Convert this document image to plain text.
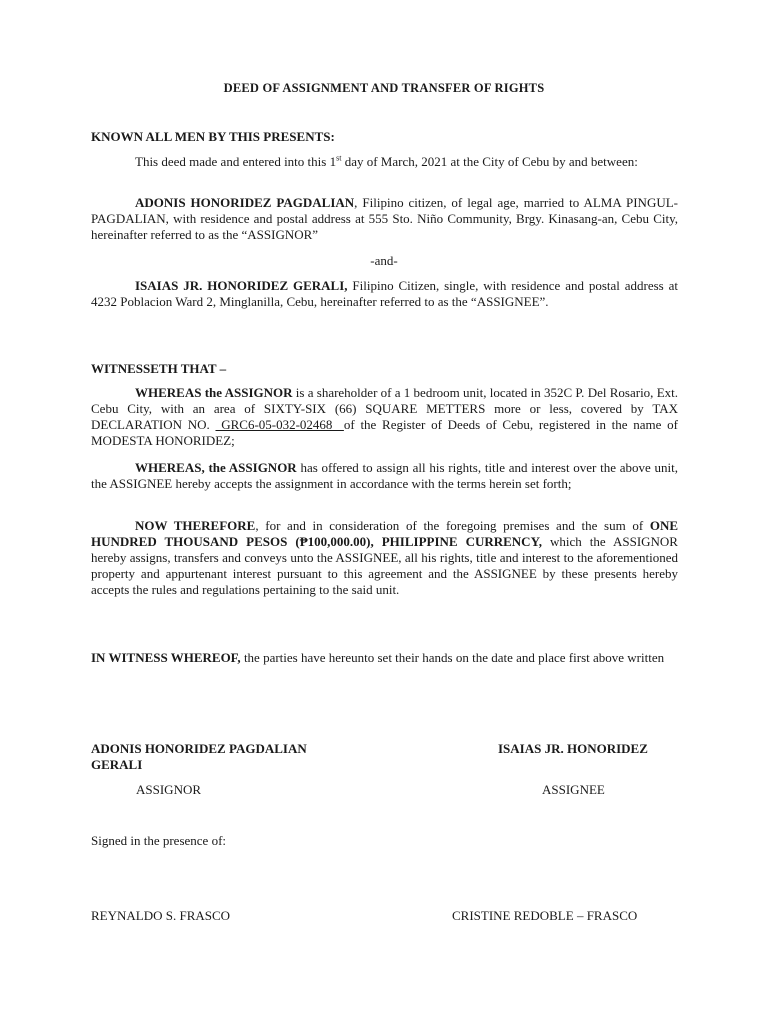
DEED OF ASSIGNMENT AND TRANSFER OF RIGHTS
KNOWN ALL MEN BY THIS PRESENTS:

This deed made and entered into this 1st day of March, 2021 at the City of Cebu by and between:

ADONIS HONORIDEZ PAGDALIAN, Filipino citizen, of legal age, married to ALMA PINGUL-PAGDALIAN, with residence and postal address at 555 Sto. Niño Community, Brgy. Kinasang-an, Cebu City, hereinafter referred to as the “ASSIGNOR”

-and-

ISAIAS JR. HONORIDEZ GERALI, Filipino Citizen, single, with residence and postal address at 4232 Poblacion Ward 2, Minglanilla, Cebu, hereinafter referred to as the “ASSIGNEE”.

WITNESSETH THAT –

WHEREAS the ASSIGNOR is a shareholder of a 1 bedroom unit, located in 352C P. Del Rosario, Ext. Cebu City, with an area of SIXTY-SIX (66) SQUARE METTERS more or less, covered by TAX DECLARATION NO.  GRC6-05-032-02468  of the Register of Deeds of Cebu, registered in the name of MODESTA HONORIDEZ;

WHEREAS, the ASSIGNOR has offered to assign all his rights, title and interest over the above unit, the ASSIGNEE hereby accepts the assignment in accordance with the terms herein set forth;

NOW THEREFORE, for and in consideration of the foregoing premises and the sum of ONE HUNDRED THOUSAND PESOS (₱100,000.00), PHILIPPINE CURRENCY, which the ASSIGNOR hereby assigns, transfers and conveys unto the ASSIGNEE, all his rights, title and interest to the aforementioned property and appurtenant interest pursuant to this agreement and the ASSIGNEE by these presents hereby accepts the rules and regulations pertaining to the said unit.

IN WITNESS WHEREOF, the parties have hereunto set their hands on the date and place first above written

ADONIS HONORIDEZ PAGDALIAN	ISAIAS JR. HONORIDEZ
GERALI
ASSIGNOR	ASSIGNEE
Signed in the presence of:
REYNALDO S. FRASCO	CRISTINE REDOBLE – FRASCO
